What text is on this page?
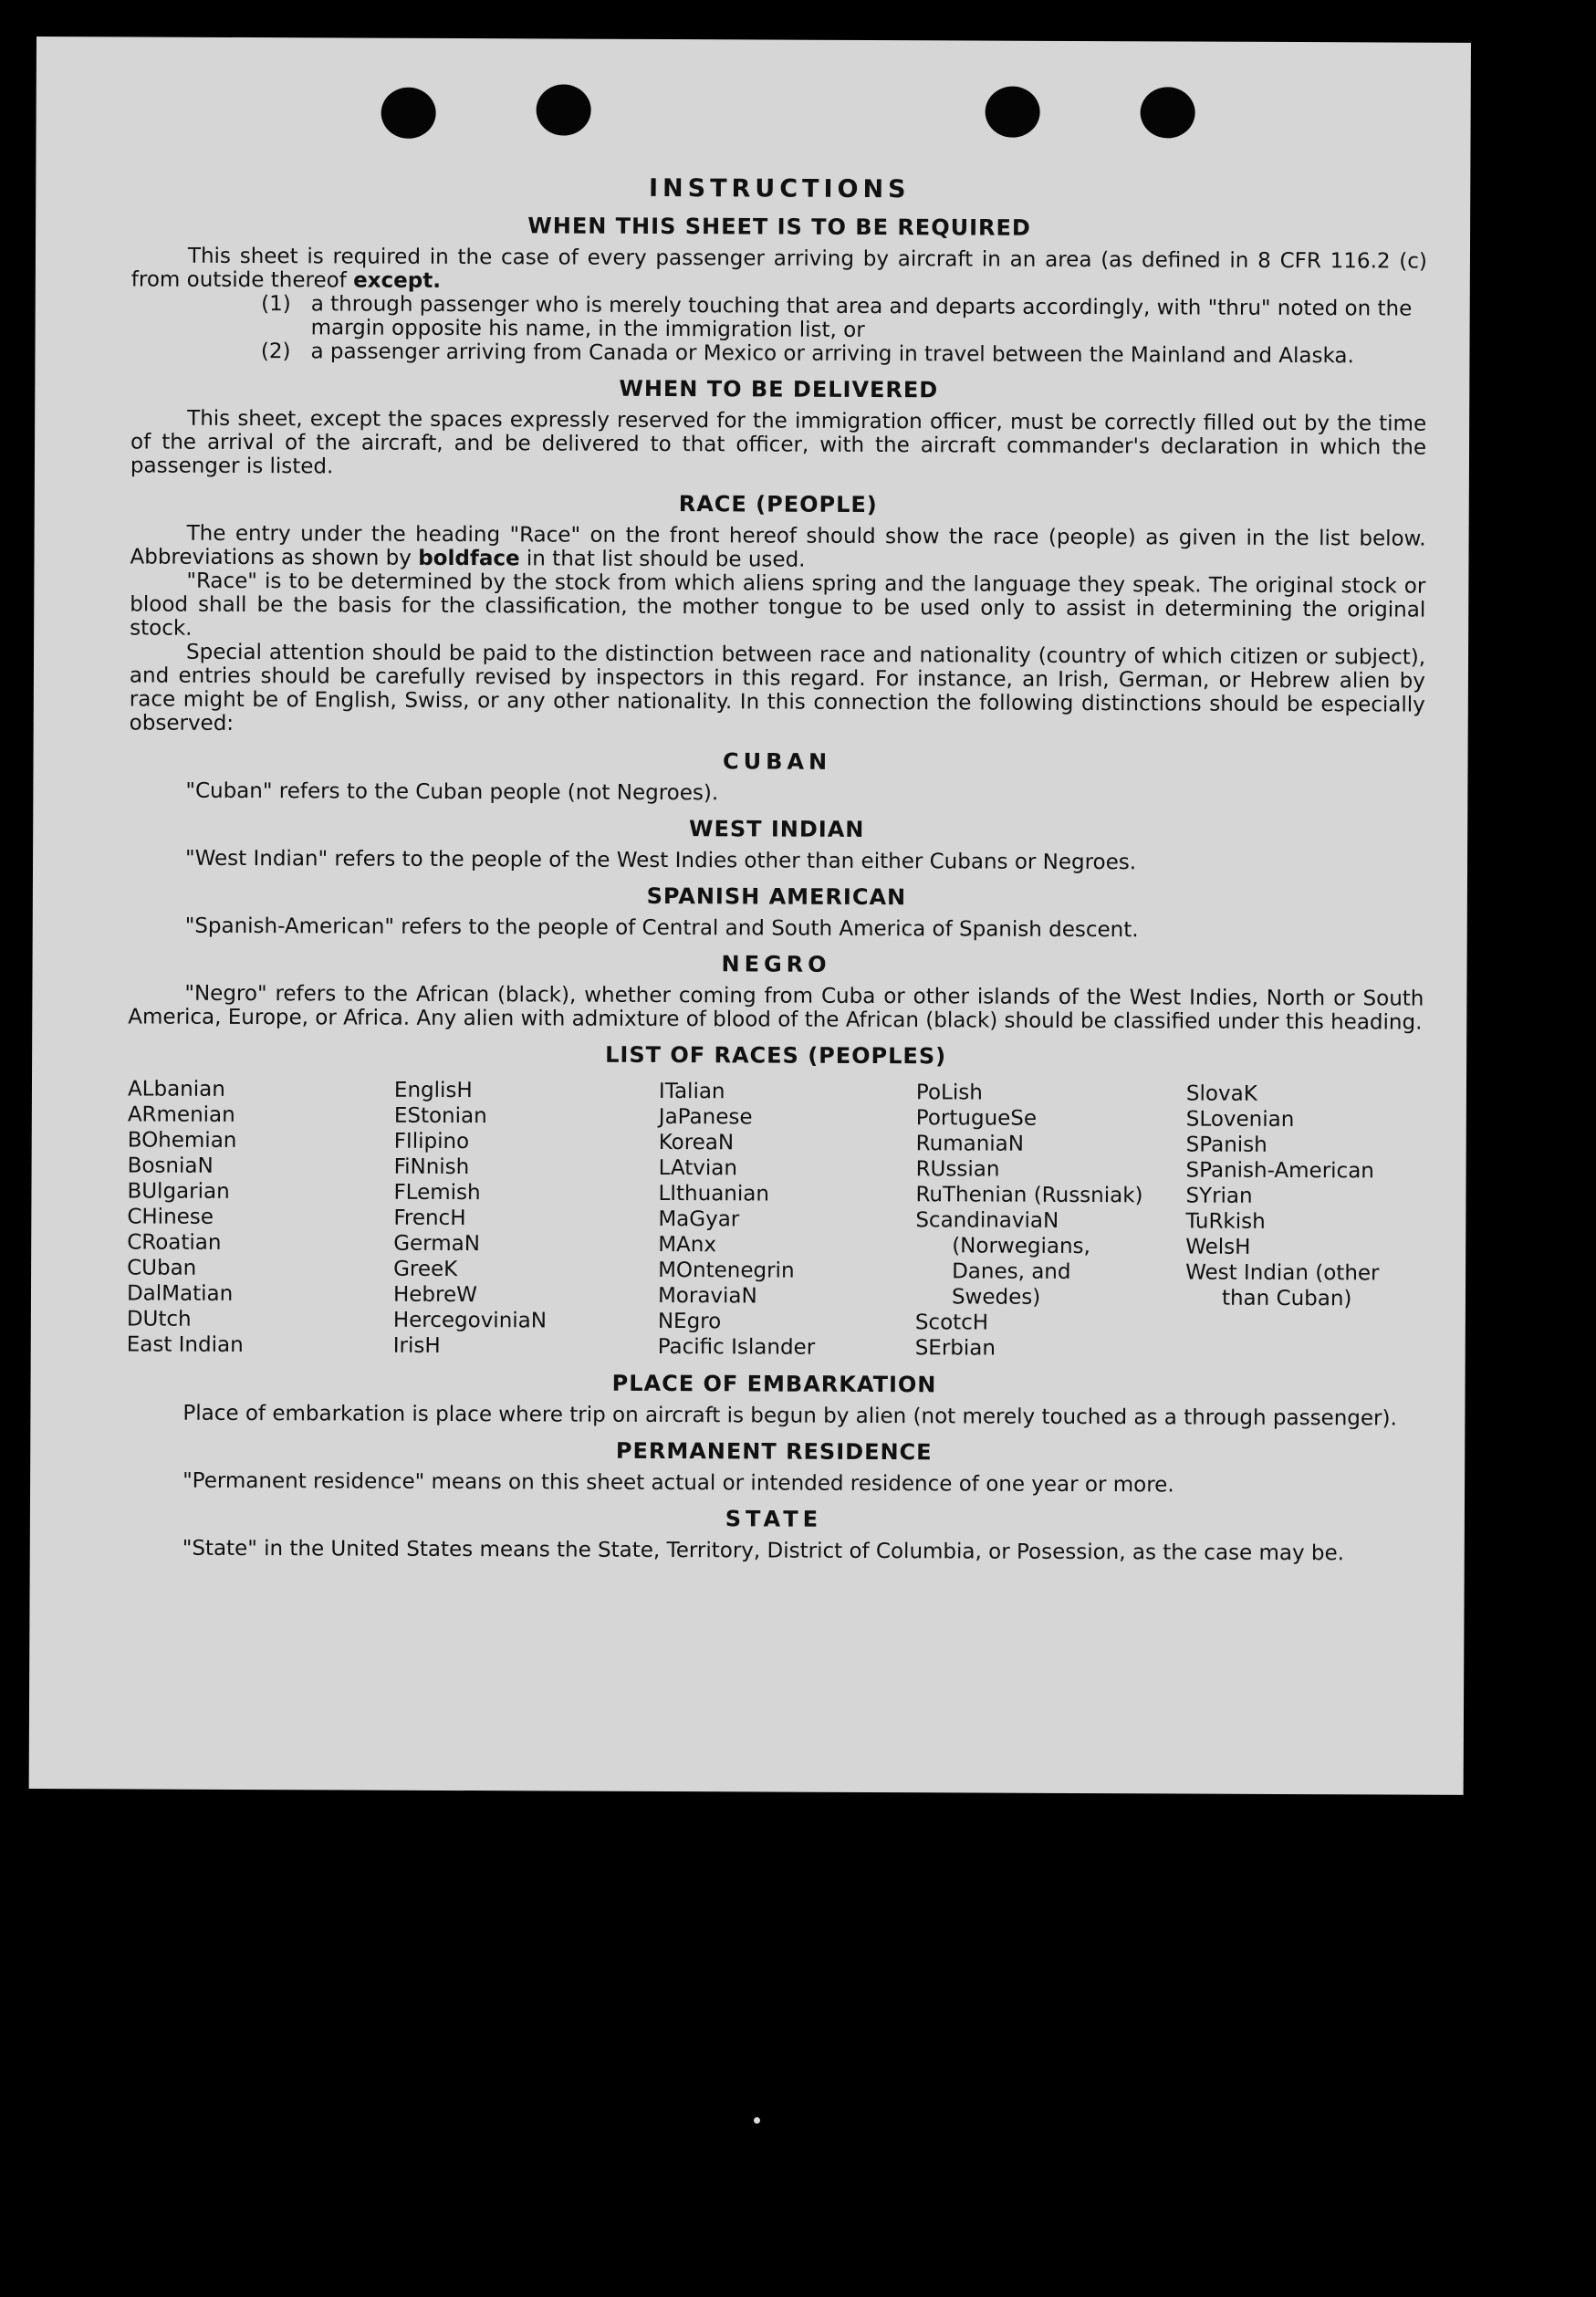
INSTRUCTIONS
WHEN THIS SHEET IS TO BE REQUIRED

This sheet is required in the case of every passenger arriving by aircraft in an area (as defined in 8 CFR 116.2 (c) from outside thereof except.

(1) a through passenger who is merely touching that area and departs accordingly, with "thru" noted on the margin opposite his name, in the immigration list, or
(2) a passenger arriving from Canada or Mexico or arriving in travel between the Mainland and Alaska.
WHEN TO BE DELIVERED

This sheet, except the spaces expressly reserved for the immigration officer, must be correctly filled out by the time of the arrival of the aircraft, and be delivered to that officer, with the aircraft commander's declaration in which the passenger is listed.

RACE (PEOPLE)

The entry under the heading "Race" on the front hereof should show the race (people) as given in the list below. Abbreviations as shown by boldface in that list should be used.

"Race" is to be determined by the stock from which aliens spring and the language they speak. The original stock or blood shall be the basis for the classification, the mother tongue to be used only to assist in determining the original stock.

Special attention should be paid to the distinction between race and nationality (country of which citizen or subject), and entries should be carefully revised by inspectors in this regard. For instance, an Irish, German, or Hebrew alien by race might be of English, Swiss, or any other nationality. In this connection the following distinctions should be especially observed:

CUBAN

"Cuban" refers to the Cuban people (not Negroes).

WEST INDIAN

"West Indian" refers to the people of the West Indies other than either Cubans or Negroes.

SPANISH AMERICAN

"Spanish-American" refers to the people of Central and South America of Spanish descent.

NEGRO

"Negro" refers to the African (black), whether coming from Cuba or other islands of the West Indies, North or South America, Europe, or Africa. Any alien with admixture of blood of the African (black) should be classified under this heading.

LIST OF RACES (PEOPLES)
ALbanian
ARmenian
BOhemian
BosniaN
BUlgarian
CHinese
CRoatian
CUban
DalMatian
DUtch
East Indian
EnglisH
EStonian
FIlipino
FiNnish
FLemish
FrencH
GermaN
GreeK
HebreW
HercegoviniaN
IrisH
ITalian
JaPanese
KoreaN
LAtvian
LIthuanian
MaGyar
MAnx
MOntenegrin
MoraviaN
NEgro
Pacific Islander
PoLish
PortugueSe
RumaniaN
RUssian
RuThenian (Russniak)
ScandinaviaN
(Norwegians,
Danes, and
Swedes)
ScotcH
SErbian
SlovaK
SLovenian
SPanish
SPanish-American
SYrian
TuRkish
WelsH
West Indian (other
than Cuban)
PLACE OF EMBARKATION

Place of embarkation is place where trip on aircraft is begun by alien (not merely touched as a through passenger).

PERMANENT RESIDENCE

"Permanent residence" means on this sheet actual or intended residence of one year or more.

STATE

"State" in the United States means the State, Territory, District of Columbia, or Posession, as the case may be.
